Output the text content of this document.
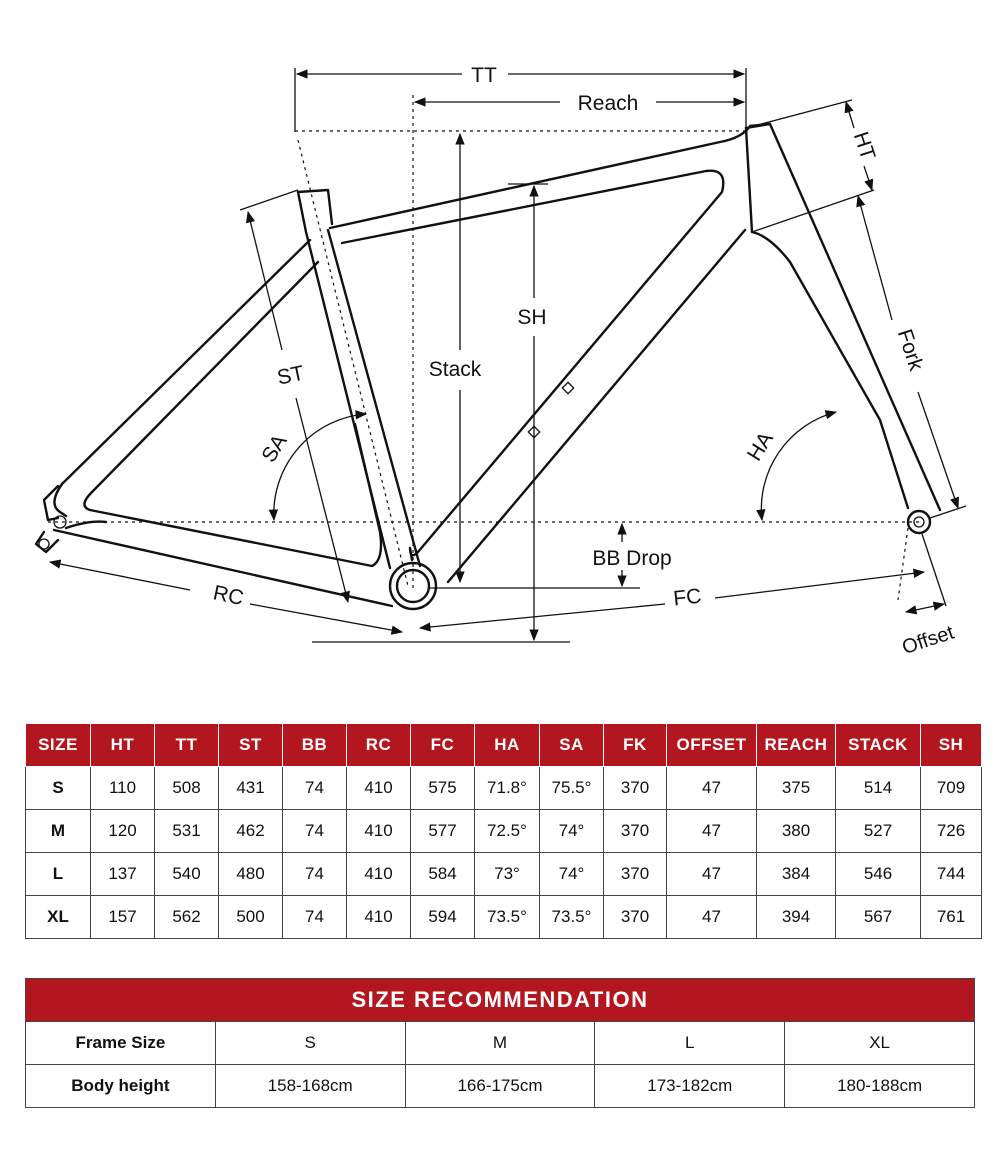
TT
Reach
Stack
SH
BB Drop
HT
Fork
Offset
FC
RC
ST
SA	HA
SIZE	HT	TT	ST	BB	RC	FC	HA	SA	FK	OFFSET	REACH	STACK	SH
S	110	508	431	74	410	575	71.8°	75.5°	370	47	375	514	709
M	120	531	462	74	410	577	72.5°	74°	370	47	380	527	726
L	137	540	480	74	410	584	73°	74°	370	47	384	546	744
XL	157	562	500	74	410	594	73.5°	73.5°	370	47	394	567	761
SIZE RECOMMENDATION				
Frame Size	S	M	L	XL
Body height	158-168cm	166-175cm	173-182cm	180-188cm
